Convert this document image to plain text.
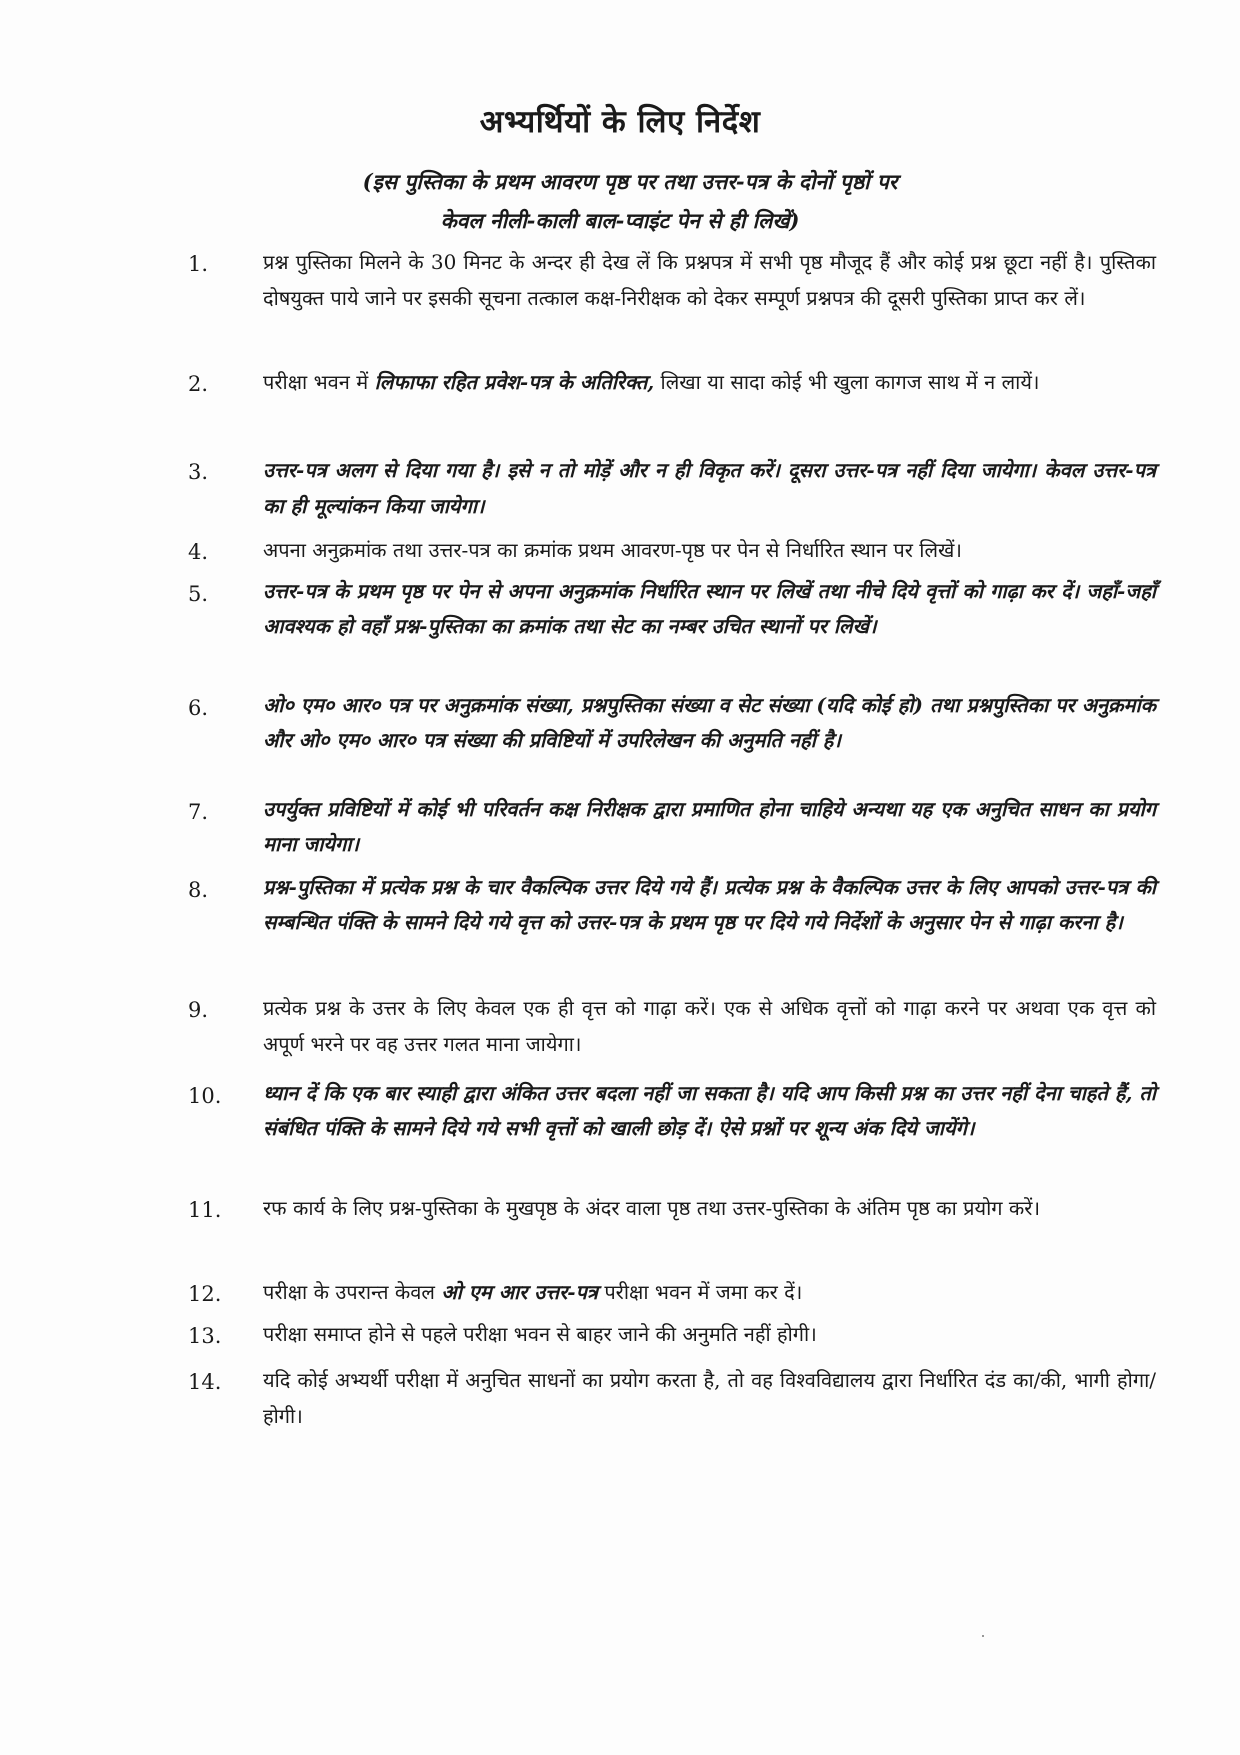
अभ्यर्थियों के लिए निर्देश
(इस पुस्तिका के प्रथम आवरण पृष्ठ पर तथा उत्तर-पत्र के दोनों पृष्ठों पर
केवल नीली-काली बाल-प्वाइंट पेन से ही लिखें)
1.	प्रश्न पुस्तिका मिलने के 30 मिनट के अन्दर ही देख लें कि प्रश्नपत्र में सभी पृष्ठ मौजूद हैं और कोई प्रश्न छूटा नहीं है। पुस्तिका दोषयुक्त पाये जाने पर इसकी सूचना तत्काल कक्ष-निरीक्षक को देकर सम्पूर्ण प्रश्नपत्र की दूसरी पुस्तिका प्राप्त कर लें।
2.	परीक्षा भवन में लिफाफा रहित प्रवेश-पत्र के अतिरिक्त, लिखा या सादा कोई भी खुला कागज साथ में न लायें।
3.	उत्तर-पत्र अलग से दिया गया है। इसे न तो मोड़ें और न ही विकृत करें। दूसरा उत्तर-पत्र नहीं दिया जायेगा। केवल उत्तर-पत्र का ही मूल्यांकन किया जायेगा।
4.	अपना अनुक्रमांक तथा उत्तर-पत्र का क्रमांक प्रथम आवरण-पृष्ठ पर पेन से निर्धारित स्थान पर लिखें।
5.	उत्तर-पत्र के प्रथम पृष्ठ पर पेन से अपना अनुक्रमांक निर्धारित स्थान पर लिखें तथा नीचे दिये वृत्तों को गाढ़ा कर दें। जहाँ-जहाँ आवश्यक हो वहाँ प्रश्न-पुस्तिका का क्रमांक तथा सेट का नम्बर उचित स्थानों पर लिखें।
6.	ओ० एम० आर० पत्र पर अनुक्रमांक संख्या, प्रश्नपुस्तिका संख्या व सेट संख्या (यदि कोई हो) तथा प्रश्नपुस्तिका पर अनुक्रमांक और ओ० एम० आर० पत्र संख्या की प्रविष्टियों में उपरिलेखन की अनुमति नहीं है।
7.	उपर्युक्त प्रविष्टियों में कोई भी परिवर्तन कक्ष निरीक्षक द्वारा प्रमाणित होना चाहिये अन्यथा यह एक अनुचित साधन का प्रयोग माना जायेगा।
8.	प्रश्न-पुस्तिका में प्रत्येक प्रश्न के चार वैकल्पिक उत्तर दिये गये हैं। प्रत्येक प्रश्न के वैकल्पिक उत्तर के लिए आपको उत्तर-पत्र की सम्बन्धित पंक्ति के सामने दिये गये वृत्त को उत्तर-पत्र के प्रथम पृष्ठ पर दिये गये निर्देशों के अनुसार पेन से गाढ़ा करना है।
9.	प्रत्येक प्रश्न के उत्तर के लिए केवल एक ही वृत्त को गाढ़ा करें। एक से अधिक वृत्तों को गाढ़ा करने पर अथवा एक वृत्त को अपूर्ण भरने पर वह उत्तर गलत माना जायेगा।
10. ध्यान दें कि एक बार स्याही द्वारा अंकित उत्तर बदला नहीं जा सकता है। यदि आप किसी प्रश्न का उत्तर नहीं देना चाहते हैं, तो संबंधित पंक्ति के सामने दिये गये सभी वृत्तों को खाली छोड़ दें। ऐसे प्रश्नों पर शून्य अंक दिये जायेंगे।
11. रफ कार्य के लिए प्रश्न-पुस्तिका के मुखपृष्ठ के अंदर वाला पृष्ठ तथा उत्तर-पुस्तिका के अंतिम पृष्ठ का प्रयोग करें।
12. परीक्षा के उपरान्त केवल ओ एम आर उत्तर-पत्र परीक्षा भवन में जमा कर दें।
13. परीक्षा समाप्त होने से पहले परीक्षा भवन से बाहर जाने की अनुमति नहीं होगी।
14. यदि कोई अभ्यर्थी परीक्षा में अनुचित साधनों का प्रयोग करता है, तो वह विश्वविद्यालय द्वारा निर्धारित दंड का/की, भागी होगा/होगी।
